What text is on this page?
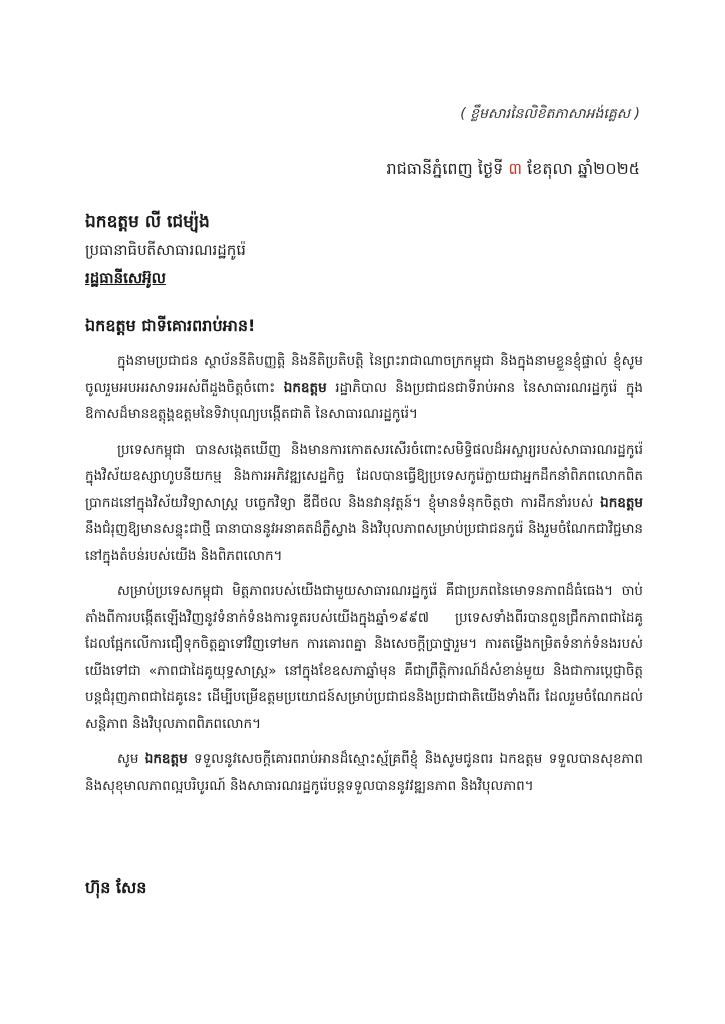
( ខ្លឹមសារនៃលិខិតភាសាអង់គ្លេស )
រាជធានីភ្នំពេញ ថ្ងៃទី ៣ ខែតុលា ឆ្នាំ២០២៥
ឯកឧត្តម លី ជេម្យ៉ុង
ប្រធានាធិបតីសាធារណរដ្ឋកូរ៉េ
រដ្ឋធានីសេអ៊ូល
ឯកឧត្តម ជាទីគោរពរាប់អាន!

ក្នុងនាមប្រជាជន ស្ថាប័ននីតិបញ្ញត្តិ និងនីតិប្រតិបត្តិ នៃព្រះរាជាណាចក្រកម្ពុជា និងក្នុងនាមខ្លួនខ្ញុំផ្ទាល់ ខ្ញុំសូមចូលរួមអបអរសាទរអស់ពីដួងចិត្តចំពោះ ឯកឧត្តម រដ្ឋាភិបាល និងប្រជាជនជាទីរាប់អាន នៃសាធារណរដ្ឋកូរ៉េ ក្នុងឱកាសដ៏មានឧត្តុង្គឧត្តមនៃទិវាបុណ្យបង្កើតជាតិ នៃសាធារណរដ្ឋកូរ៉េ។

ប្រទេសកម្ពុជា បានសង្កេតឃើញ និងមានការកោតសរសើរចំពោះសមិទ្ធិផលដ៏អស្ចារ្យរបស់សាធារណរដ្ឋកូរ៉េក្នុងវិស័យឧស្សាហូបនីយកម្ម និងការអភិវឌ្ឍសេដ្ឋកិច្ច ដែលបានធ្វើឱ្យប្រទេសកូរ៉េក្លាយជាអ្នកដឹកនាំពិភពលោកពិតប្រាកដនៅក្នុងវិស័យវិទ្យាសាស្ត្រ បច្ចេកវិទ្យា ឌីជីថល និងនវានុវត្តន៍។ ខ្ញុំមានទំនុកចិត្តថា ការដឹកនាំរបស់ ឯកឧត្តម នឹងជំរុញឱ្យមានសន្ទុះជាថ្មី ធានាបាននូវអនាគតដ៏ភ្លឺស្វាង និងវិបុលភាពសម្រាប់ប្រជាជនកូរ៉េ និងរួមចំណែកជាវិជ្ជមាននៅក្នុងតំបន់របស់យើង និងពិភពលោក។

សម្រាប់ប្រទេសកម្ពុជា មិត្តភាពរបស់យើងជាមួយសាធារណរដ្ឋកូរ៉េ គឺជាប្រភពនៃមោទនភាពដ៏ធំធេង។ ចាប់តាំងពីការបង្កើតឡើងវិញនូវទំនាក់ទំនងការទូតរបស់យើងក្នុងឆ្នាំ១៩៩៧ ប្រទេសទាំងពីរបានពួនជ្រឹកភាពជាដៃគូ ដែលផ្អែកលើការជឿទុកចិត្តគ្នាទៅវិញទៅមក ការគោរពគ្នា និងសេចក្ដីប្រាថ្នារួម។ ការតម្លើងកម្រិតទំនាក់ទំនងរបស់យើងទៅជា «ភាពជាដៃគូយុទ្ធសាស្ត្រ» នៅក្នុងខែឧសភាឆ្នាំមុន គឺជាព្រឹត្តិការណ៍ដ៏សំខាន់មួយ និងជាការប្ដេជ្ញាចិត្តបន្តជំរុញភាពជាដៃគូនេះ ដើម្បីបម្រើឧត្តមប្រយោជន៍សម្រាប់ប្រជាជននិងប្រជាជាតិយើងទាំងពីរ ដែលរួមចំណែកដល់សន្តិភាព និងវិបុលភាពពិភពលោក។

សូម ឯកឧត្តម ទទួលនូវសេចក្ដីគោរពរាប់អានដ៏ស្មោះស្ម័គ្រពីខ្ញុំ និងសូមជូនពរ ឯកឧត្តម ទទួលបានសុខភាព និងសុខុមាលភាពល្អបរិបូរណ៍ និងសាធារណរដ្ឋកូរ៉េបន្តទទួលបាននូវវឌ្ឍនភាព និងវិបុលភាព។

ហ៊ុន សែន
